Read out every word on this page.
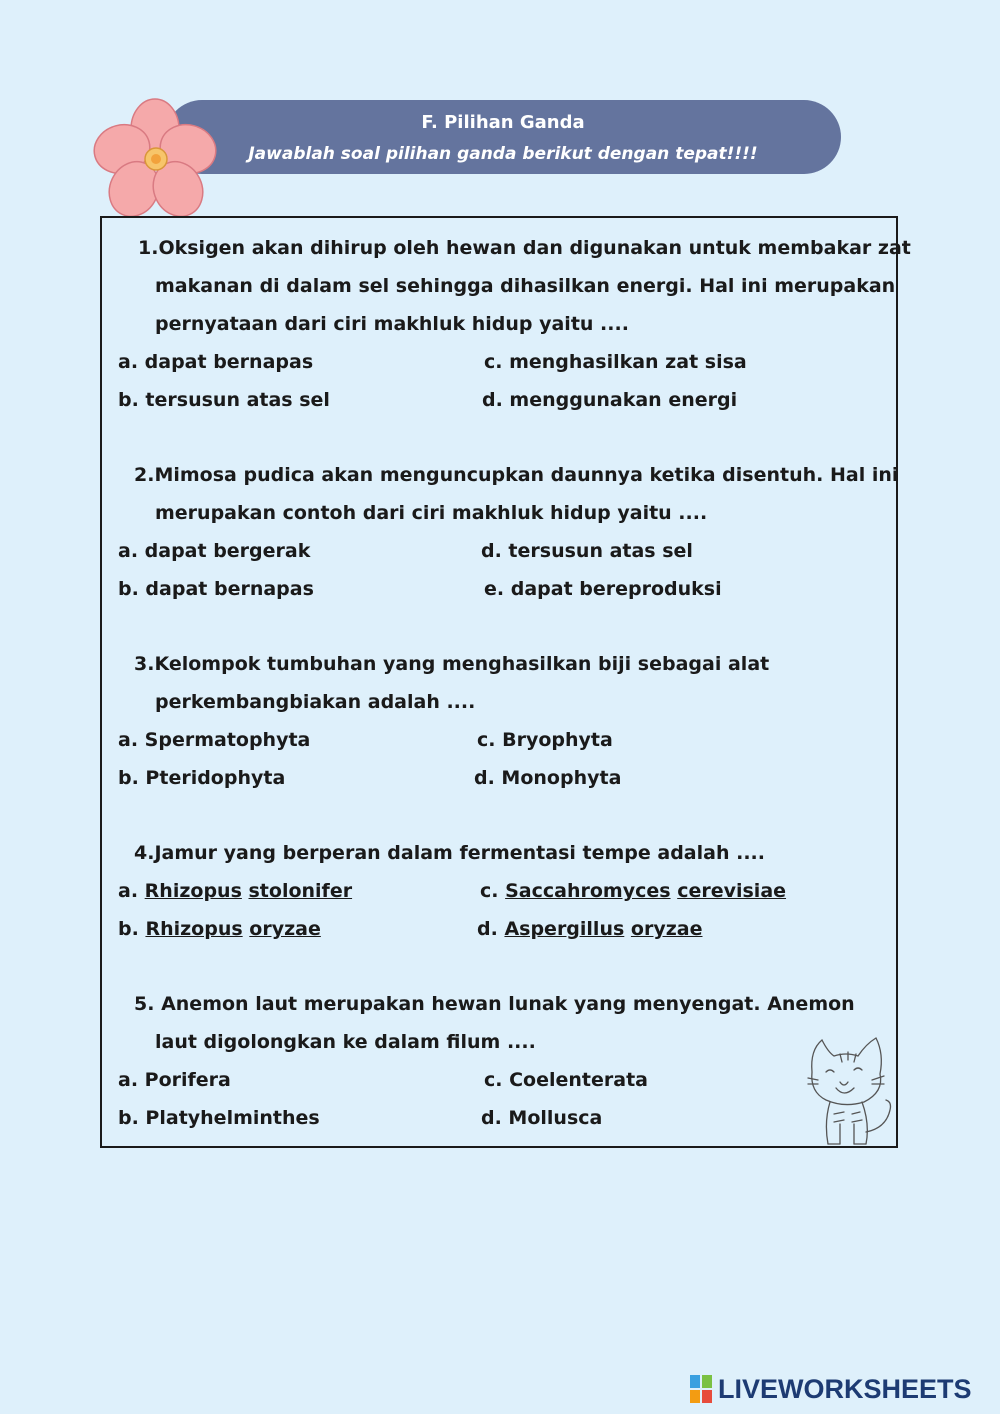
F. Pilihan Ganda
Jawablah soal pilihan ganda berikut dengan tepat!!!!
1.Oksigen akan dihirup oleh hewan dan digunakan untuk membakar zat
makanan di dalam sel sehingga dihasilkan energi. Hal ini merupakan
pernyataan dari ciri makhluk hidup yaitu ....
a. dapat bernapas	c. menghasilkan zat sisa
b. tersusun atas sel	d. menggunakan energi
2.Mimosa pudica akan menguncupkan daunnya ketika disentuh. Hal ini
merupakan contoh dari ciri makhluk hidup yaitu ....
a. dapat bergerak	d. tersusun atas sel
b. dapat bernapas	e. dapat bereproduksi
3.Kelompok tumbuhan yang menghasilkan biji sebagai alat
perkembangbiakan adalah ....
a. Spermatophyta	c. Bryophyta
b. Pteridophyta	d. Monophyta
4.Jamur yang berperan dalam fermentasi tempe adalah ....
a. Rhizopus stolonifer	c. Saccahromyces cerevisiae
b. Rhizopus oryzae	d. Aspergillus oryzae
5. Anemon laut merupakan hewan lunak yang menyengat. Anemon
laut digolongkan ke dalam filum ....
a. Porifera	c. Coelenterata
b. Platyhelminthes	d. Mollusca
LIVEWORKSHEETS
